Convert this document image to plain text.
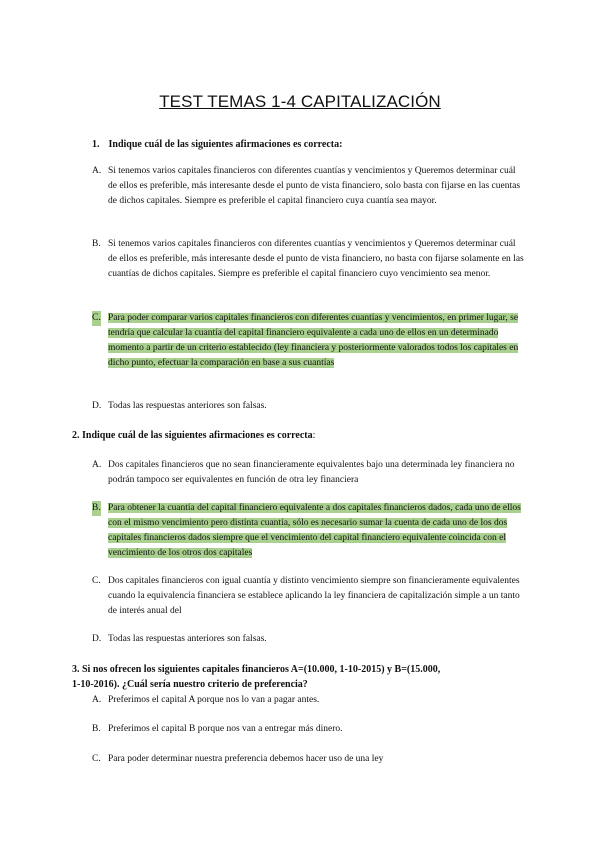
TEST TEMAS 1-4 CAPITALIZACIÓN
1. Indique cuál de las siguientes afirmaciones es correcta:
A. Si tenemos varios capitales financieros con diferentes cuantías y vencimientos y Queremos determinar cuál de ellos es preferible, más interesante desde el punto de vista financiero, solo basta con fijarse en las cuentas de dichos capitales. Siempre es preferible el capital financiero cuya cuantía sea mayor.
B. Si tenemos varios capitales financieros con diferentes cuantías y vencimientos y Queremos determinar cuál de ellos es preferible, más interesante desde el punto de vista financiero, no basta con fijarse solamente en las cuantías de dichos capitales. Siempre es preferible el capital financiero cuyo vencimiento sea menor.
C. Para poder comparar varios capitales financieros con diferentes cuantías y vencimientos, en primer lugar, se tendría que calcular la cuantía del capital financiero equivalente a cada uno de ellos en un determinado momento a partir de un criterio establecido (ley financiera y posteriormente valorados todos los capitales en dicho punto, efectuar la comparación en base a sus cuantías
D. Todas las respuestas anteriores son falsas.
2. Indique cuál de las siguientes afirmaciones es correcta:
A. Dos capitales financieros que no sean financieramente equivalentes bajo una determinada ley financiera no podrán tampoco ser equivalentes en función de otra ley financiera
B. Para obtener la cuantía del capital financiero equivalente a dos capitales financieros dados, cada uno de ellos con el mismo vencimiento pero distinta cuantía, sólo es necesario sumar la cuenta de cada uno de los dos capitales financieros dados siempre que el vencimiento del capital financiero equivalente coincida con el vencimiento de los otros dos capitales
C. Dos capitales financieros con igual cuantía y distinto vencimiento siempre son financieramente equivalentes cuando la equivalencia financiera se establece aplicando la ley financiera de capitalización simple a un tanto de interés anual del
D. Todas las respuestas anteriores son falsas.
3. Si nos ofrecen los siguientes capitales financieros A=(10.000, 1-10-2015) y B=(15.000,
1-10-2016). ¿Cuál sería nuestro criterio de preferencia?
A. Preferimos el capital A porque nos lo van a pagar antes.
B. Preferimos el capital B porque nos van a entregar más dinero.
C. Para poder determinar nuestra preferencia debemos hacer uso de una ley
